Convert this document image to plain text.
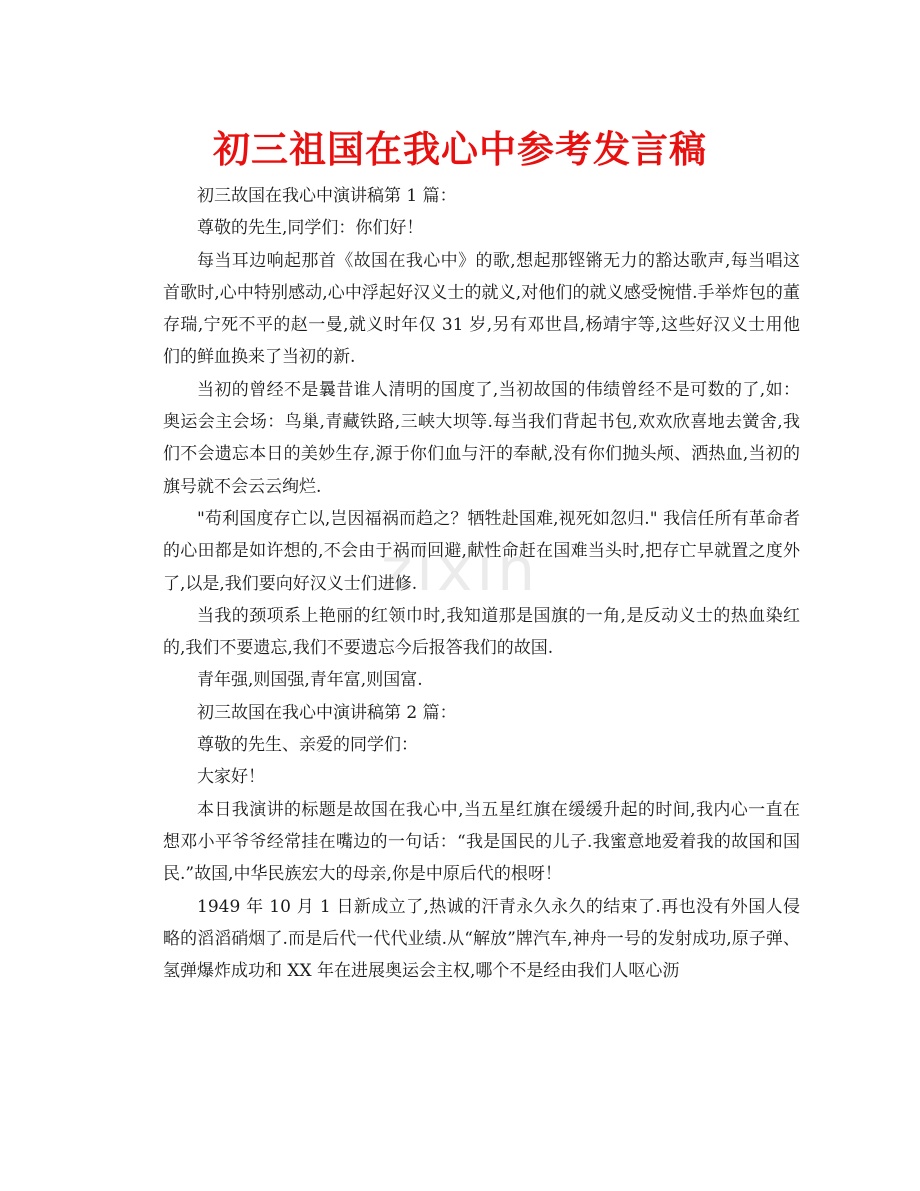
zixin
初三祖国在我心中参考发言稿

初三故国在我心中演讲稿第 1 篇：

尊敬的先生,同学们：你们好！

每当耳边响起那首《故国在我心中》的歌,想起那铿锵无力的豁达歌声,每当唱这首歌时,心中特别感动,心中浮起好汉义士的就义,对他们的就义感受惋惜.手举炸包的董存瑞,宁死不平的赵一曼,就义时年仅 31 岁,另有邓世昌,杨靖宇等,这些好汉义士用他们的鲜血换来了当初的新.

当初的曾经不是曩昔谁人清明的国度了,当初故国的伟绩曾经不是可数的了,如：奥运会主会场：鸟巢,青藏铁路,三峡大坝等.每当我们背起书包,欢欢欣喜地去黉舍,我们不会遗忘本日的美妙生存,源于你们血与汗的奉献,没有你们抛头颅、洒热血,当初的旗号就不会云云绚烂.

"苟利国度存亡以,岂因福祸而趋之？牺牲赴国难,视死如忽归." 我信任所有革命者的心田都是如许想的,不会由于祸而回避,献性命赶在国难当头时,把存亡早就置之度外了,以是,我们要向好汉义士们进修.

当我的颈项系上艳丽的红领巾时,我知道那是国旗的一角,是反动义士的热血染红的,我们不要遗忘,我们不要遗忘今后报答我们的故国.

青年强,则国强,青年富,则国富.

初三故国在我心中演讲稿第 2 篇：

尊敬的先生、亲爱的同学们：

大家好！

本日我演讲的标题是故国在我心中,当五星红旗在缓缓升起的时间,我内心一直在想邓小平爷爷经常挂在嘴边的一句话：“我是国民的儿子.我蜜意地爱着我的故国和国民.”故国,中华民族宏大的母亲,你是中原后代的根呀！

1949 年 10 月 1 日新成立了,热诚的汗青永久永久的结束了.再也没有外国人侵略的滔滔硝烟了.而是后代一代代业绩.从“解放”牌汽车,神舟一号的发射成功,原子弹、氢弹爆炸成功和 XX 年在进展奥运会主权,哪个不是经由我们人呕心沥
